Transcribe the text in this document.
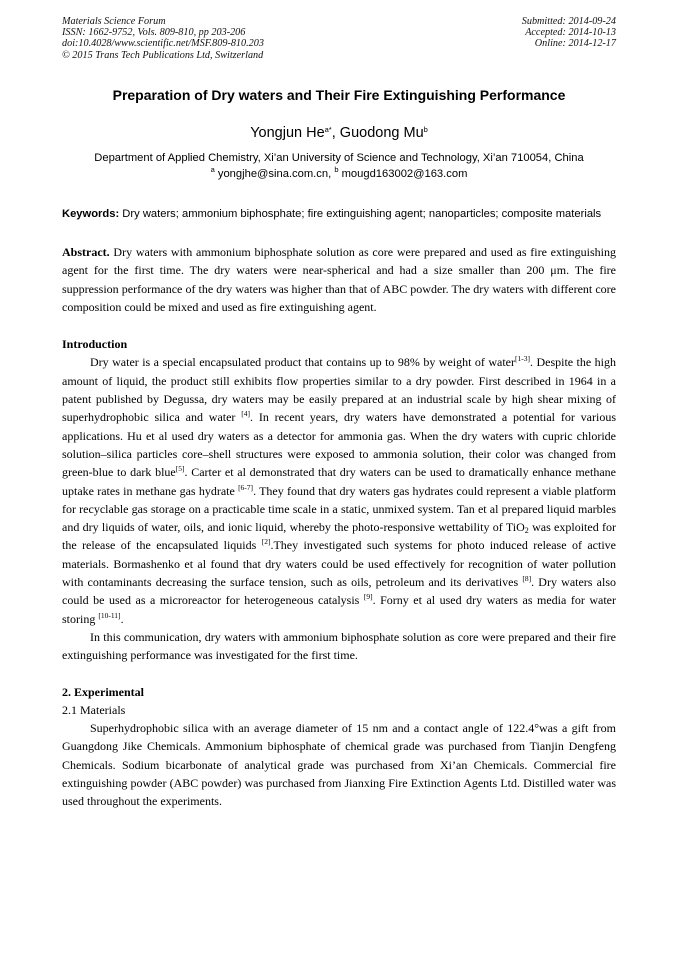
Materials Science Forum
ISSN: 1662-9752, Vols. 809-810, pp 203-206
doi:10.4028/www.scientific.net/MSF.809-810.203
© 2015 Trans Tech Publications Ltd, Switzerland
Submitted: 2014-09-24
Accepted: 2014-10-13
Online: 2014-12-17
Preparation of Dry waters and Their Fire Extinguishing Performance
Yongjun $He^{a*}$, Guodong Mu$^b$
Department of Applied Chemistry, Xi’an University of Science and Technology, Xi’an 710054, China
$^a$ yongjhe@sina.com.cn, $^b$ mougd163002@163.com
Keywords: Dry waters; ammonium biphosphate; fire extinguishing agent; nanoparticles; composite materials

Abstract. Dry waters with ammonium biphosphate solution as core were prepared and used as fire extinguishing agent for the first time. The dry waters were near-spherical and had a size smaller than 200 μm. The fire suppression performance of the dry waters was higher than that of ABC powder. The dry waters with different core composition could be mixed and used as fire extinguishing agent.

Introduction

Dry water is a special encapsulated product that contains up to 98% by weight of water[1-3]. Despite the high amount of liquid, the product still exhibits flow properties similar to a dry powder. First described in 1964 in a patent published by Degussa, dry waters may be easily prepared at an industrial scale by high shear mixing of superhydrophobic silica and water [4]. In recent years, dry waters have demonstrated a potential for various applications. Hu et al used dry waters as a detector for ammonia gas. When the dry waters with cupric chloride solution–silica particles core–shell structures were exposed to ammonia solution, their color was changed from green-blue to dark blue[5]. Carter et al demonstrated that dry waters can be used to dramatically enhance methane uptake rates in methane gas hydrate [6-7]. They found that dry waters gas hydrates could represent a viable platform for recyclable gas storage on a practicable time scale in a static, unmixed system. Tan et al prepared liquid marbles and dry liquids of water, oils, and ionic liquid, whereby the photo-responsive wettability of TiO$_2$ was exploited for the release of the encapsulated liquids [2].They investigated such systems for photo induced release of active materials. Bormashenko et al found that dry waters could be used effectively for recognition of water pollution with contaminants decreasing the surface tension, such as oils, petroleum and its derivatives [8]. Dry waters also could be used as a microreactor for heterogeneous catalysis [9]. Forny et al used dry waters as media for water storing [10-11].

In this communication, dry waters with ammonium biphosphate solution as core were prepared and their fire extinguishing performance was investigated for the first time.

2. Experimental
2.1 Materials

Superhydrophobic silica with an average diameter of 15 nm and a contact angle of 122.4°was a gift from Guangdong Jike Chemicals. Ammonium biphosphate of chemical grade was purchased from Tianjin Dengfeng Chemicals. Sodium bicarbonate of analytical grade was purchased from Xi’an Chemicals. Commercial fire extinguishing powder (ABC powder) was purchased from Jianxing Fire Extinction Agents Ltd. Distilled water was used throughout the experiments.
